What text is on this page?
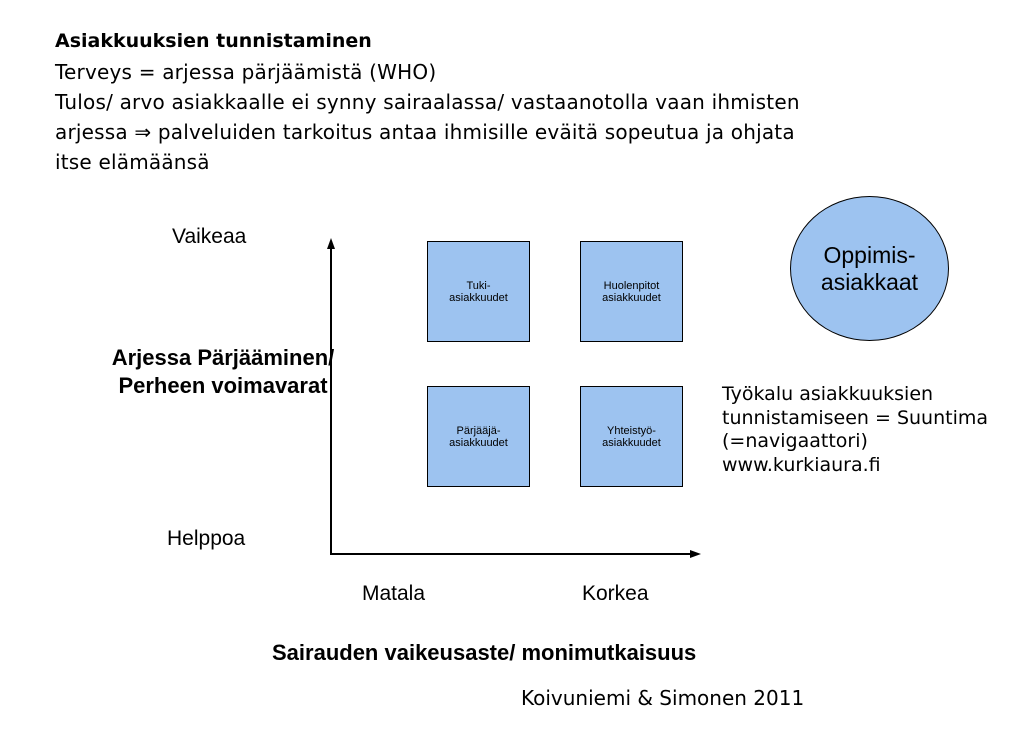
Asiakkuuksien tunnistaminen
Terveys = arjessa pärjäämistä (WHO)
Tulos/ arvo asiakkaalle ei synny sairaalassa/ vastaanotolla vaan ihmisten
arjessa ⇒ palveluiden tarkoitus antaa ihmisille eväitä sopeutua ja ohjata
itse elämäänsä
Vaikeaa
Arjessa Pärjääminen/ Perheen voimavarat
Helppoa
Tuki-
asiakkuudet
Huolenpitot
asiakkuudet
Pärjääjä-
asiakkuudet
Yhteistyö-
asiakkuudet
Oppimis-
asiakkaat
Työkalu asiakkuuksien
tunnistamiseen = Suuntima
(=navigaattori)
www.kurkiaura.fi
Matala	Korkea
Sairauden vaikeusaste/ monimutkaisuus
Koivuniemi & Simonen 2011
